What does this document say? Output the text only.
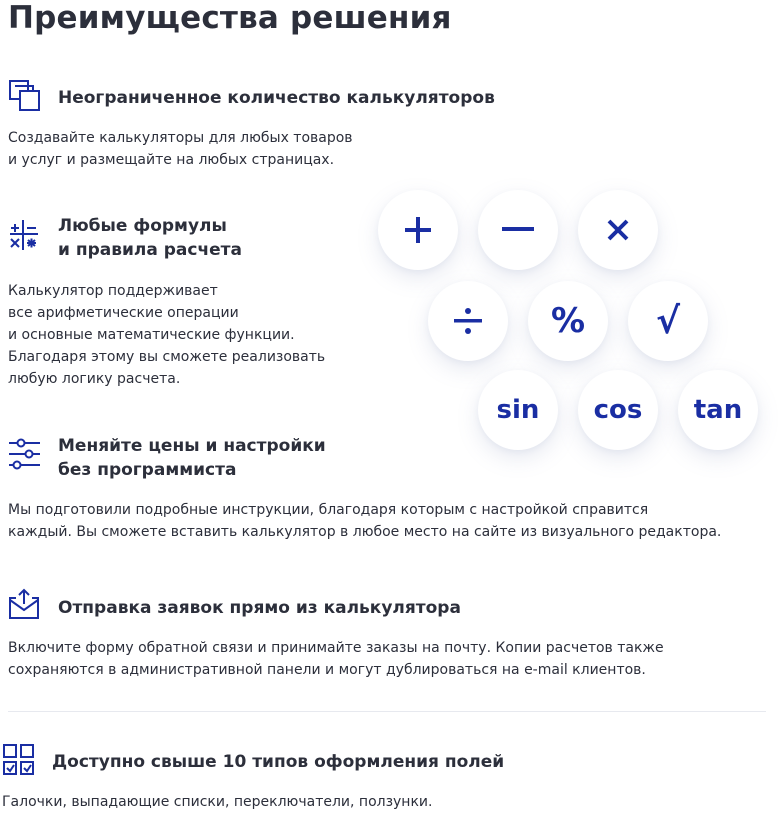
Преимущества решения
Неограниченное количество калькуляторов
Создавайте калькуляторы для любых товаров
и услуг и размещайте на любых страницах.
Любые формулы
и правила расчета
Калькулятор поддерживает
все арифметические операции
и основные математические функции.
Благодаря этому вы сможете реализовать
любую логику расчета.
% √
sin cos tan
Меняйте цены и настройки
без программиста
Мы подготовили подробные инструкции, благодаря которым с настройкой справится
каждый. Вы сможете вставить калькулятор в любое место на сайте из визуального редактора.
Отправка заявок прямо из калькулятора
Включите форму обратной связи и принимайте заказы на почту. Копии расчетов также
сохраняются в административной панели и могут дублироваться на e-mail клиентов.
Доступно свыше 10 типов оформления полей
Галочки, выпадающие списки, переключатели, ползунки.
